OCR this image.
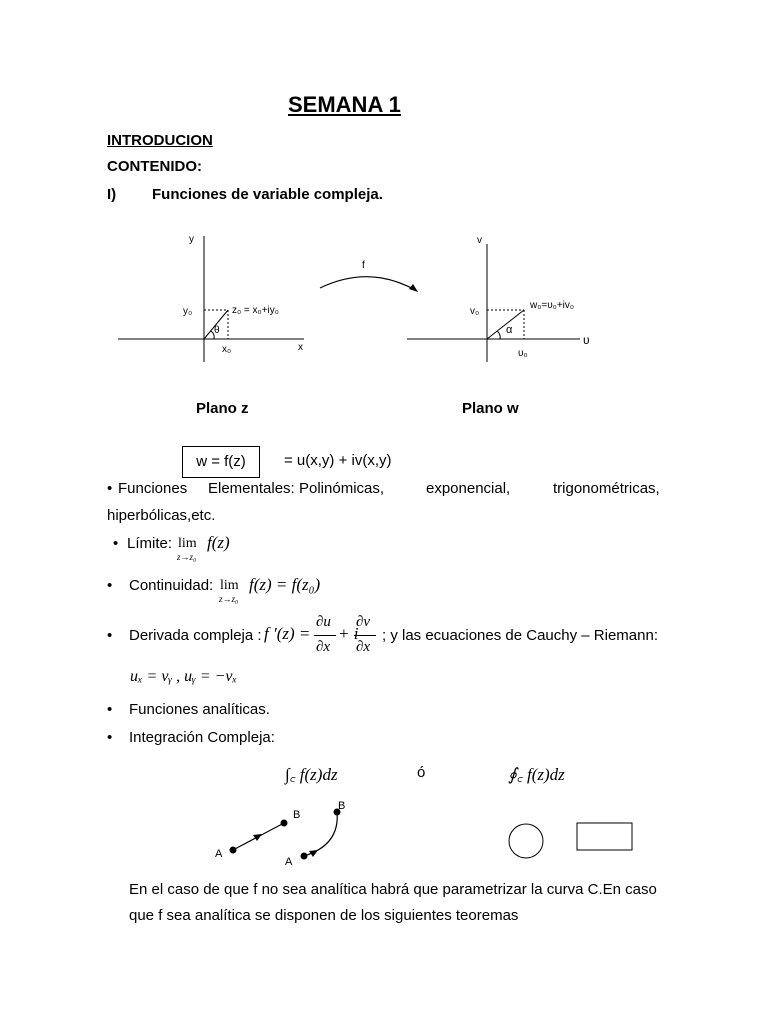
SEMANA 1
INTRODUCION
CONTENIDO:
I) Funciones de variable compleja.
y
x
y₀
x₀
z₀ = x₀+iy₀
θ
f
v
υ
v₀
υ₀
w₀=υ₀+iv₀
α
Plano z	Plano w
w = f(z)	= u(x,y) + iv(x,y)
• Funciones Elementales: Polinómicas,	exponencial,	trigonométricas,
hiperbólicas,etc.
• Límite: lim
z→z₀
f(z)
• Continuidad: lim
z→z₀
f(z) = f(z₀)
• Derivada compleja : f ′(z) =
∂u
∂x
+ i
∂v
∂x
; y las ecuaciones de Cauchy – Riemann:
uₓ = vᵧ , uᵧ = −vₓ
• Funciones analíticas.
• Integración Compleja:
∫꜀ f(z)dz	ó	∮꜀ f(z)dz
A
B
A
B
En el caso de que f no sea analítica habrá que parametrizar la curva C.En caso
que f sea analítica se disponen de los siguientes teoremas
